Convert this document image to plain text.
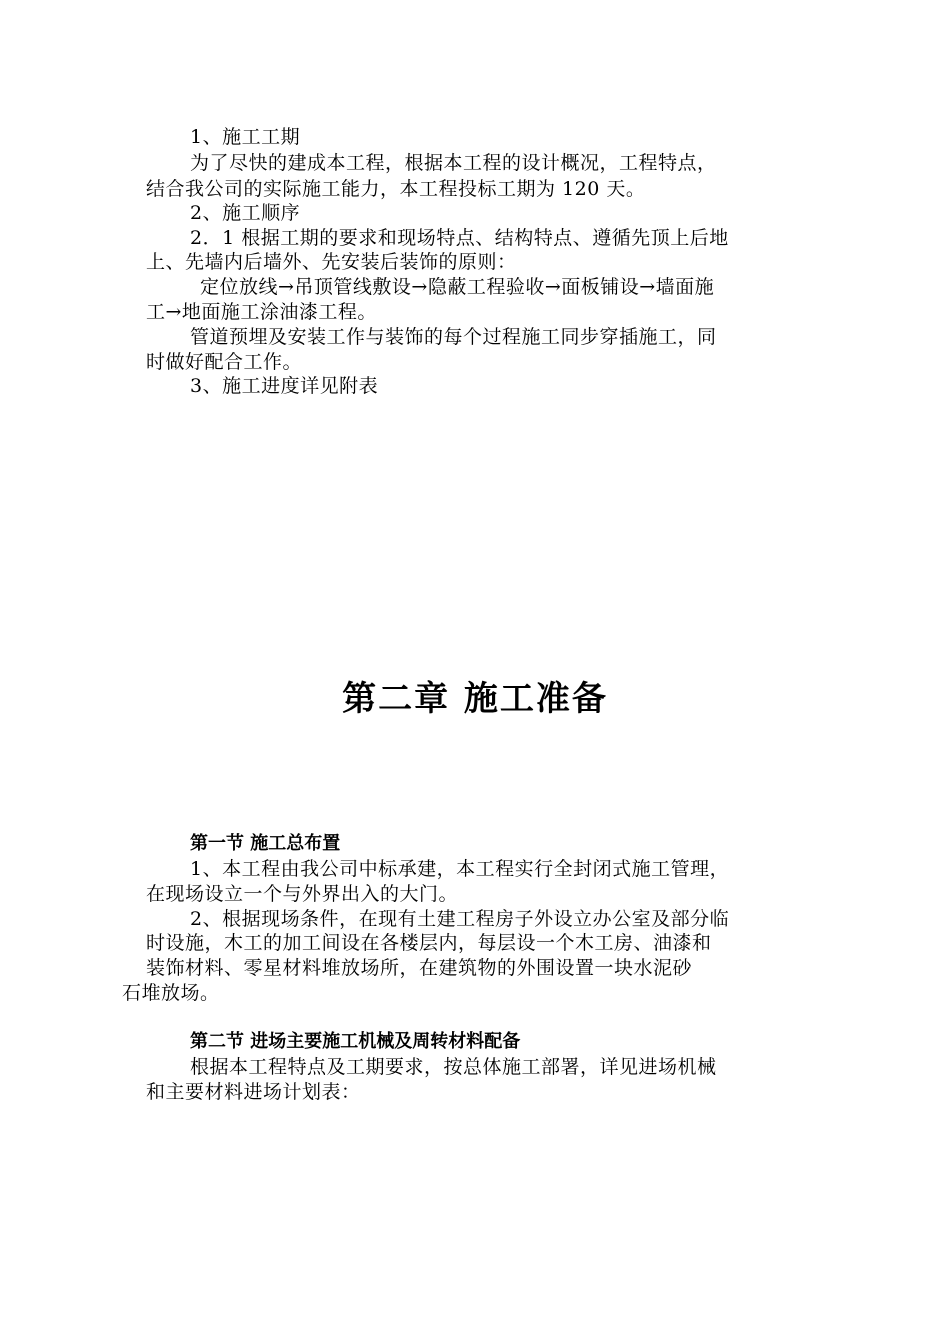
1、施工工期
为了尽快的建成本工程，根据本工程的设计概况，工程特点，
结合我公司的实际施工能力，本工程投标工期为 120 天。
2、施工顺序
2．1 根据工期的要求和现场特点、结构特点、遵循先顶上后地
上、先墙内后墙外、先安装后装饰的原则：
定位放线→吊顶管线敷设→隐蔽工程验收→面板铺设→墙面施
工→地面施工涂油漆工程。
管道预埋及安装工作与装饰的每个过程施工同步穿插施工，同
时做好配合工作。
3、施工进度详见附表
第二章 施工准备
第一节 施工总布置
1、本工程由我公司中标承建，本工程实行全封闭式施工管理，
在现场设立一个与外界出入的大门。
2、根据现场条件，在现有土建工程房子外设立办公室及部分临
时设施，木工的加工间设在各楼层内，每层设一个木工房、油漆和
装饰材料、零星材料堆放场所，在建筑物的外围设置一块水泥砂
石堆放场。
第二节 进场主要施工机械及周转材料配备
根据本工程特点及工期要求，按总体施工部署，详见进场机械
和主要材料进场计划表：
